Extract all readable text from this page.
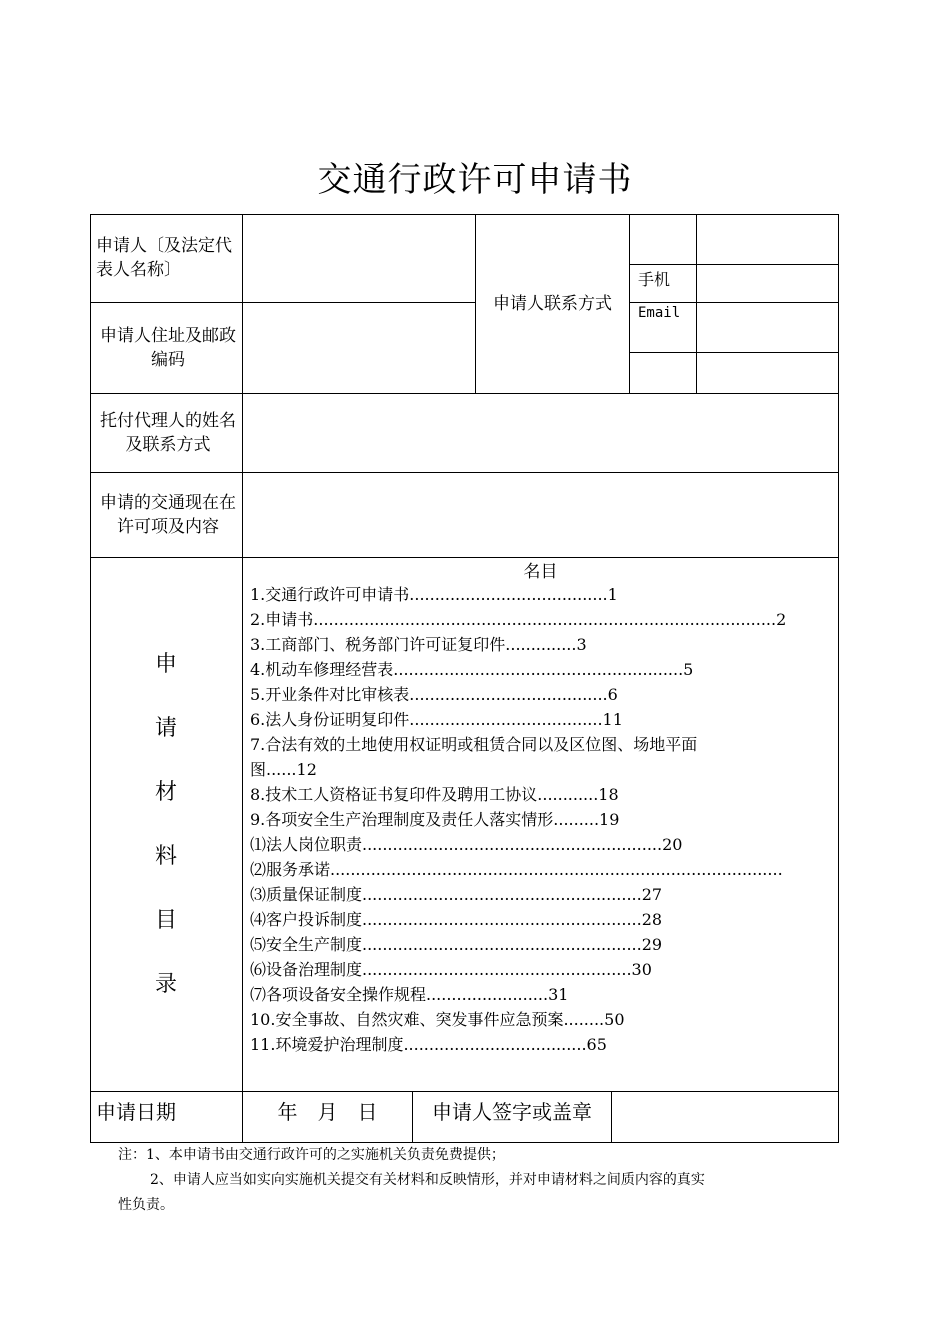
交通行政许可申请书
申请人〔及法定代表人名称〕
申请人住址及邮政编码
申请人联系方式
手机
Email
托付代理人的姓名及联系方式
申请的交通现在在许可项及内容
申
请
材
料
目
录
名目
1.交通行政许可申请书.......................................1
2.申请书...........................................................................................2
3.工商部门、税务部门许可证复印件..............3
4.机动车修理经营表.........................................................5
5.开业条件对比审核表.......................................6
6.法人身份证明复印件......................................11
7.合法有效的土地使用权证明或租赁合同以及区位图、场地平面
图......12
8.技术工人资格证书复印件及聘用工协议............18
9.各项安全生产治理制度及责任人落实情形.........19
⑴法人岗位职责...........................................................20
⑵服务承诺.........................................................................................
⑶质量保证制度.......................................................27
⑷客户投诉制度.......................................................28
⑸安全生产制度.......................................................29
⑹设备治理制度.....................................................30
⑺各项设备安全操作规程........................31
10.安全事故、自然灾难、突发事件应急预案........50
11.环境爱护治理制度....................................65
申请日期	年　月　日	申请人签字或盖章
注：1、本申请书由交通行政许可的之实施机关负责免费提供；
2、申请人应当如实向实施机关提交有关材料和反映情形，并对申请材料之间质内容的真实
性负责。
